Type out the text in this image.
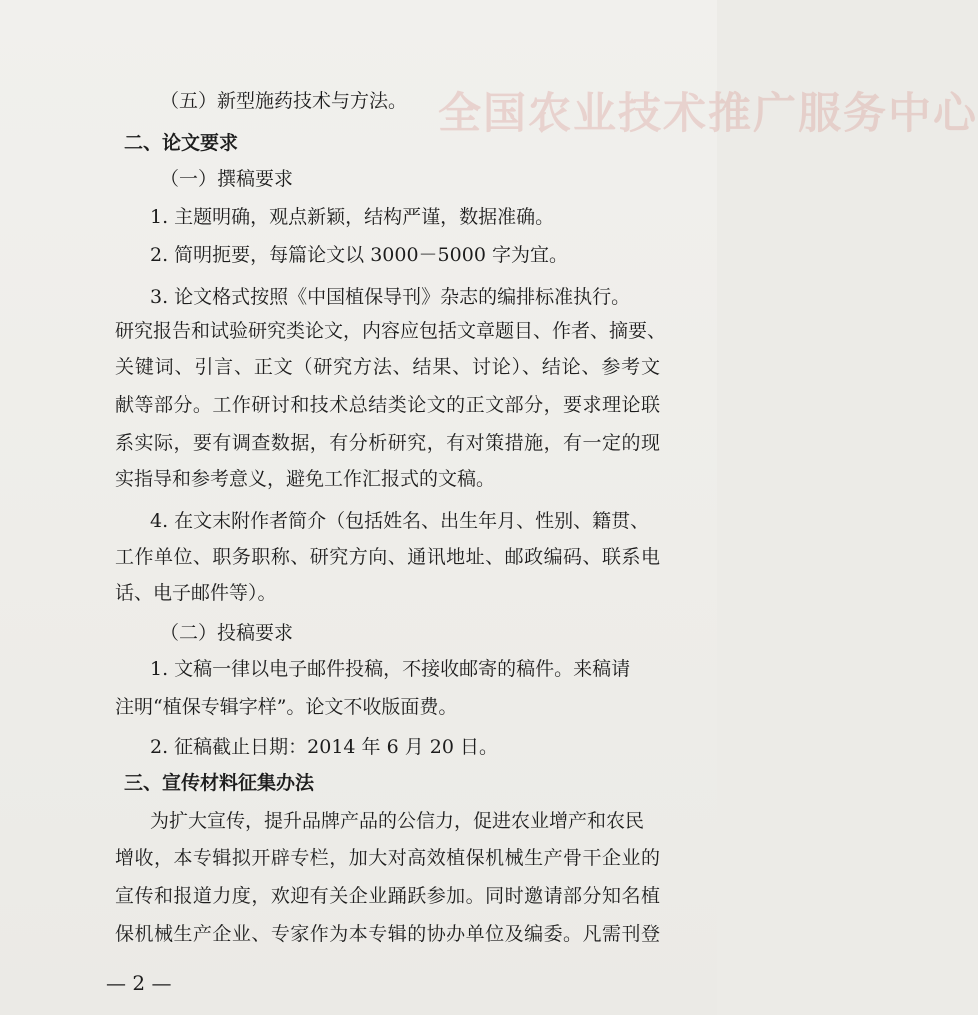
全国农业技术推广服务中心
（五）新型施药技术与方法。
二、论文要求
（一）撰稿要求
1. 主题明确，观点新颖，结构严谨，数据准确。
2. 简明扼要，每篇论文以 3000－5000 字为宜。
3. 论文格式按照《中国植保导刊》杂志的编排标准执行。
研究报告和试验研究类论文，内容应包括文章题目、作者、摘要、
关键词、引言、正文（研究方法、结果、讨论）、结论、参考文
献等部分。工作研讨和技术总结类论文的正文部分，要求理论联
系实际，要有调查数据，有分析研究，有对策措施，有一定的现
实指导和参考意义，避免工作汇报式的文稿。
4. 在文末附作者简介（包括姓名、出生年月、性别、籍贯、
工作单位、职务职称、研究方向、通讯地址、邮政编码、联系电
话、电子邮件等）。
（二）投稿要求
1. 文稿一律以电子邮件投稿，不接收邮寄的稿件。来稿请
注明“植保专辑字样”。论文不收版面费。
2. 征稿截止日期：2014 年 6 月 20 日。
三、宣传材料征集办法
为扩大宣传，提升品牌产品的公信力，促进农业增产和农民
增收，本专辑拟开辟专栏，加大对高效植保机械生产骨干企业的
宣传和报道力度，欢迎有关企业踊跃参加。同时邀请部分知名植
保机械生产企业、专家作为本专辑的协办单位及编委。凡需刊登
— 2 —
